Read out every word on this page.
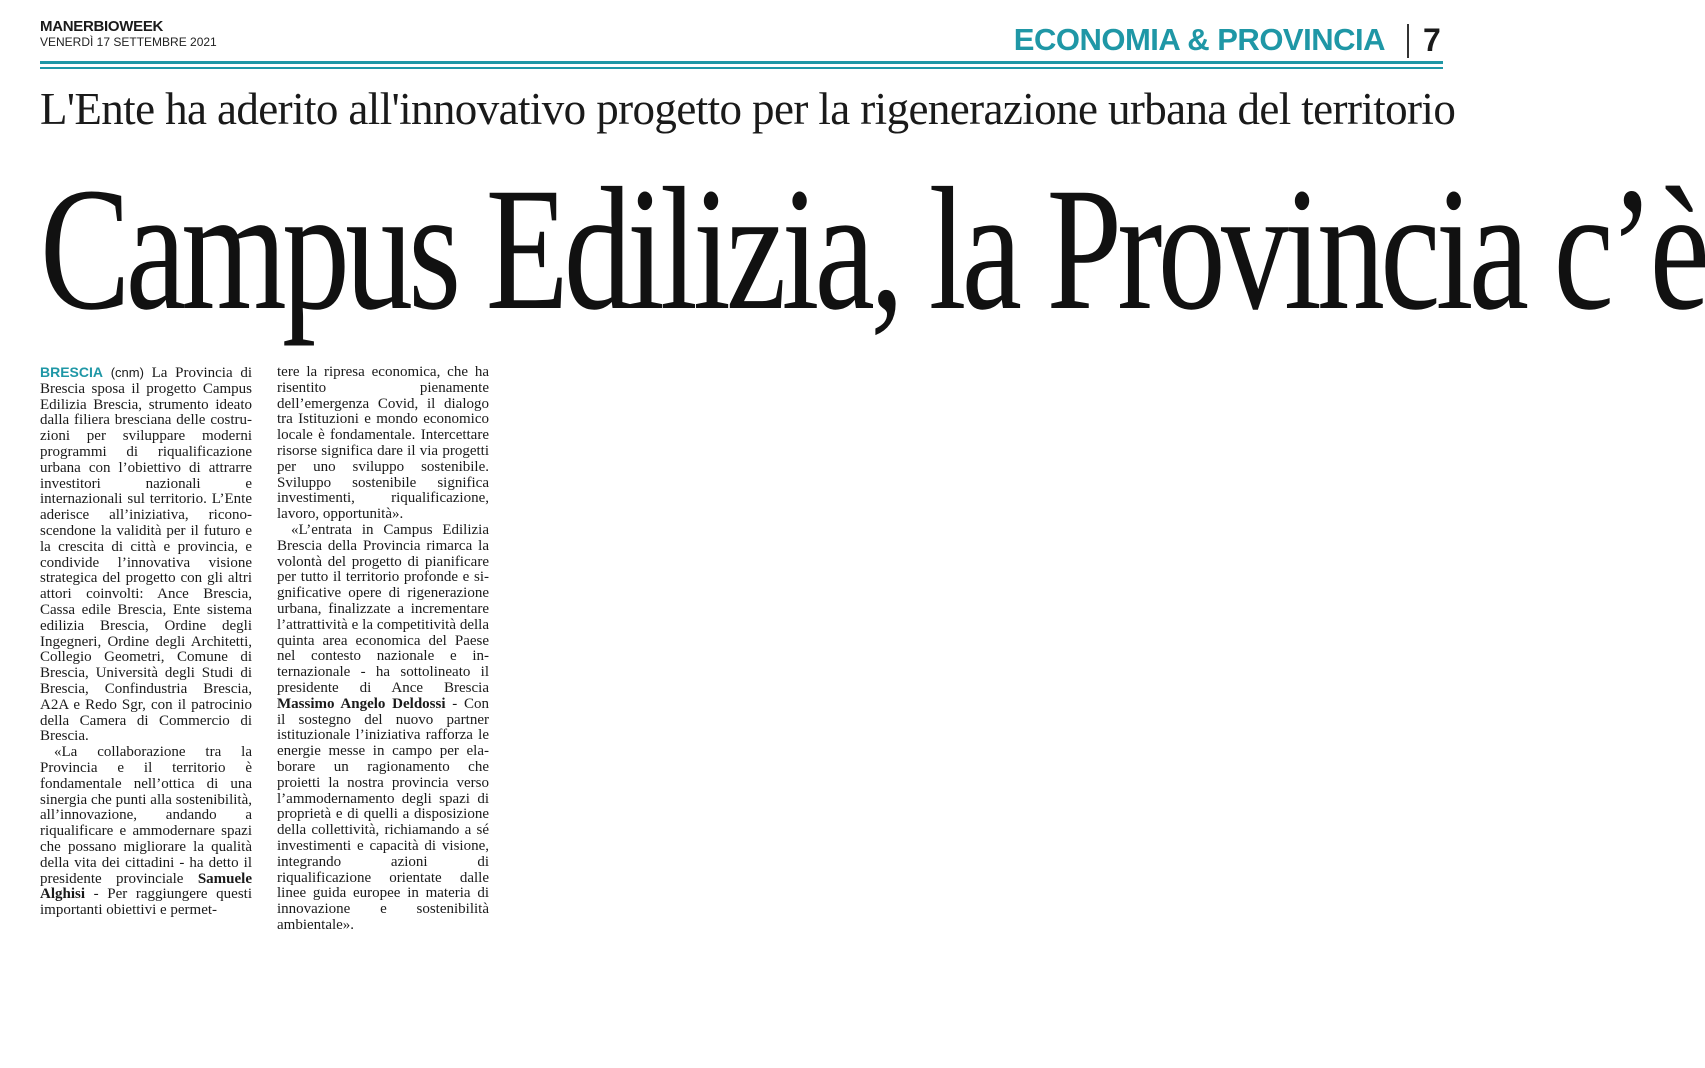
MANERBIOWEEK
VENERDÌ 17 SETTEMBRE 2021	ECONOMIA & PROVINCIA 7
L'Ente ha aderito all'innovativo progetto per la rigenerazione urbana del territorio
Campus Edilizia, la Provincia c’è

BRESCIA (cnm) La Provincia di Brescia sposa il progetto Campus Edilizia Brescia, strumento ideato dalla filiera bresciana delle costruzioni per sviluppare moderni programmi di riqualificazione urbana con l’obiettivo di attrarre investitori nazionali e internazionali sul territorio. L’Ente aderisce all’iniziativa, riconoscendone la validità per il futuro e la crescita di città e provincia, e condivide l’innovativa visione strategica del progetto con gli altri attori coinvolti: Ance Brescia, Cassa edile Brescia, Ente sistema edilizia Brescia, Ordine degli Ingegneri, Ordine degli Architetti, Collegio Geometri, Comune di Brescia, Università degli Studi di Brescia, Confindustria Brescia, A2A e Redo Sgr, con il patrocinio della Camera di Commercio di Brescia.

«La collaborazione tra la Provincia e il territorio è fondamentale nell’ottica di una sinergia che punti alla sostenibilità, all’innovazione, andando a riqualificare e ammodernare spazi che possano migliorare la qualità della vita dei cittadini - ha detto il presidente provinciale Samuele Alghisi - Per raggiungere questi importanti obiettivi e permet-

tere la ripresa economica, che ha risentito pienamente dell’emergenza Covid, il dialogo tra Istituzioni e mondo economico locale è fondamentale. Intercettare risorse significa dare il via progetti per uno sviluppo sostenibile. Sviluppo sostenibile significa investimenti, riqualificazione, lavoro, opportunità».

«L’entrata in Campus Edilizia Brescia della Provincia rimarca la volontà del progetto di pianificare per tutto il territorio profonde e significative opere di rigenerazione urbana, finalizzate a incrementare l’attrattività e la competitività della quinta area economica del Paese nel contesto nazionale e internazionale - ha sottolineato il presidente di Ance Brescia Massimo Angelo Deldossi - Con il sostegno del nuovo partner istituzionale l’iniziativa rafforza le energie messe in campo per elaborare un ragionamento che proietti la nostra provincia verso l’ammodernamento degli spazi di proprietà e di quelli a disposizione della collettività, richiamando a sé investimenti e capacità di visione, integrando azioni di riqualificazione orientate dalle linee guida europee in materia di innovazione e sostenibilità ambientale».
